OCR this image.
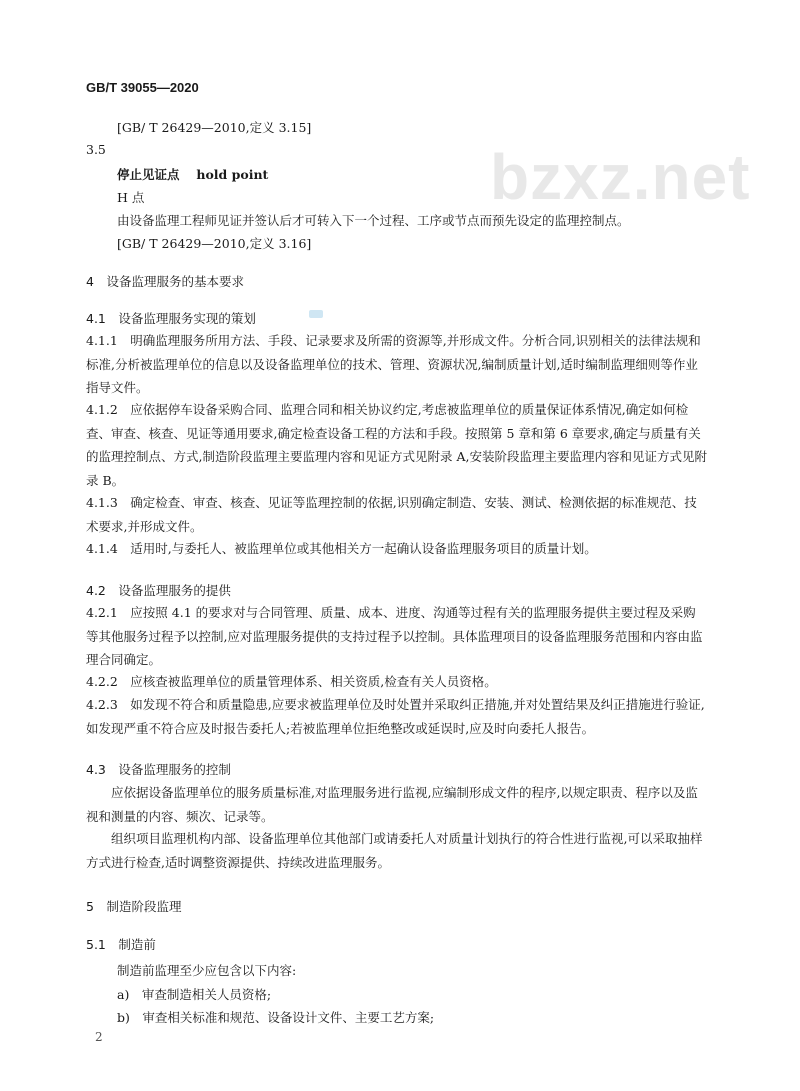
bzxz.net
GB/T 39055—2020
[GB/ T 26429—2010,定义 3.15]
3.5
停止见证点　 hold point
H 点
由设备监理工程师见证并签认后才可转入下一个过程、工序或节点而预先设定的监理控制点。
[GB/ T 26429—2010,定义 3.16]
4　设备监理服务的基本要求
4.1　设备监理服务实现的策划
4.2　设备监理服务的提供
4.3　设备监理服务的控制
5　制造阶段监理
5.1　制造前
4.1.1　明确监理服务所用方法、手段、记录要求及所需的资源等,并形成文件。分析合同,识别相关的法律法规和标准,分析被监理单位的信息以及设备监理单位的技术、管理、资源状况,编制质量计划,适时编制监理细则等作业指导文件。
4.1.2　应依据停车设备采购合同、监理合同和相关协议约定,考虑被监理单位的质量保证体系情况,确定如何检查、审查、核查、见证等通用要求,确定检查设备工程的方法和手段。按照第 5 章和第 6 章要求,确定与质量有关的监理控制点、方式,制造阶段监理主要监理内容和见证方式见附录 A,安装阶段监理主要监理内容和见证方式见附录 B。
4.1.3　确定检查、审查、核查、见证等监理控制的依据,识别确定制造、安装、测试、检测依据的标准规范、技术要求,并形成文件。
4.1.4　适用时,与委托人、被监理单位或其他相关方一起确认设备监理服务项目的质量计划。
4.2.1　应按照 4.1 的要求对与合同管理、质量、成本、进度、沟通等过程有关的监理服务提供主要过程及采购等其他服务过程予以控制,应对监理服务提供的支持过程予以控制。具体监理项目的设备监理服务范围和内容由监理合同确定。
4.2.2　应核查被监理单位的质量管理体系、相关资质,检查有关人员资格。
4.2.3　如发现不符合和质量隐患,应要求被监理单位及时处置并采取纠正措施,并对处置结果及纠正措施进行验证,如发现严重不符合应及时报告委托人;若被监理单位拒绝整改或延误时,应及时向委托人报告。
应依据设备监理单位的服务质量标准,对监理服务进行监视,应编制形成文件的程序,以规定职责、程序以及监视和测量的内容、频次、记录等。
组织项目监理机构内部、设备监理单位其他部门或请委托人对质量计划执行的符合性进行监视,可以采取抽样方式进行检查,适时调整资源提供、持续改进监理服务。
制造前监理至少应包含以下内容:
a)　审查制造相关人员资格;
b)　审查相关标准和规范、设备设计文件、主要工艺方案;
2
